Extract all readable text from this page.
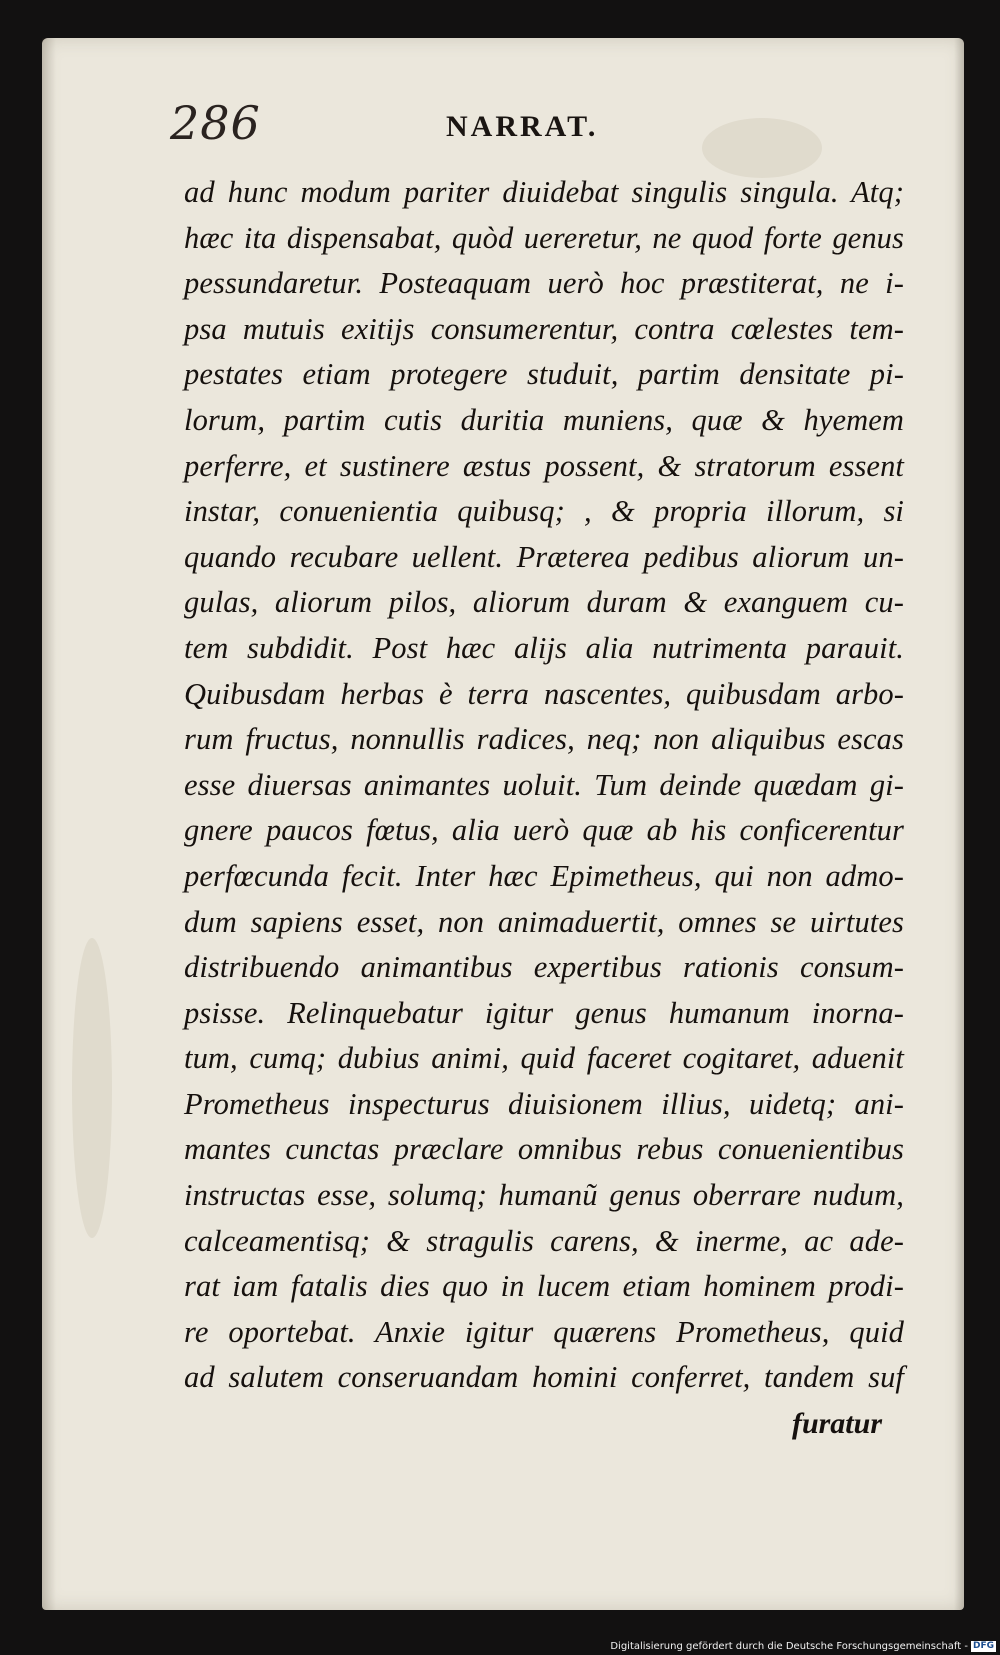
286	NARRAT.
ad hunc modum pariter diuidebat singulis singula. Atq;
hæc ita dispensabat, quòd uereretur, ne quod forte genus
pessundaretur. Posteaquam uerò hoc præstiterat, ne i-
psa mutuis exitijs consumerentur, contra cœlestes tem-
pestates etiam protegere studuit, partim densitate pi-
lorum, partim cutis duritia muniens, quæ & hyemem
perferre, et sustinere æstus possent, & stratorum essent
instar, conuenientia quibusq; , & propria illorum, si
quando recubare uellent. Præterea pedibus aliorum un-
gulas, aliorum pilos, aliorum duram & exanguem cu-
tem subdidit. Post hæc alijs alia nutrimenta parauit.
Quibusdam herbas è terra nascentes, quibusdam arbo-
rum fructus, nonnullis radices, neq; non aliquibus escas
esse diuersas animantes uoluit. Tum deinde quædam gi-
gnere paucos fœtus, alia uerò quæ ab his conficerentur
perfœcunda fecit. Inter hæc Epimetheus, qui non admo-
dum sapiens esset, non animaduertit, omnes se uirtutes
distribuendo animantibus expertibus rationis consum-
psisse. Relinquebatur igitur genus humanum inorna-
tum, cumq; dubius animi, quid faceret cogitaret, aduenit
Prometheus inspecturus diuisionem illius, uidetq; ani-
mantes cunctas præclare omnibus rebus conuenientibus
instructas esse, solumq; humanũ genus oberrare nudum,
calceamentisq; & stragulis carens, & inerme, ac ade-
rat iam fatalis dies quo in lucem etiam hominem prodi-
re oportebat. Anxie igitur quærens Prometheus, quid
ad salutem conseruandam homini conferret, tandem suf
furatur
Digitalisierung gefördert durch die Deutsche Forschungsgemeinschaft - DFG
